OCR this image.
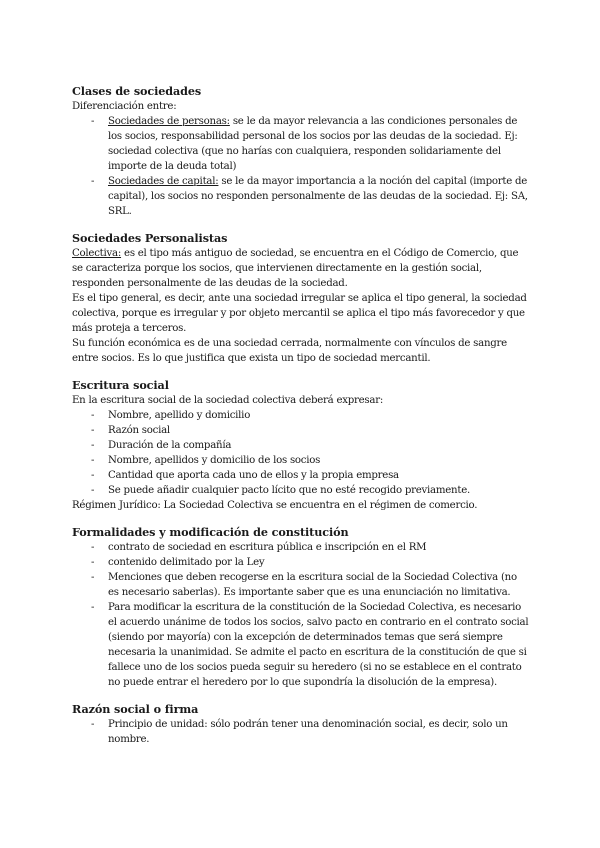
Clases de sociedades

Diferenciación entre:

- Sociedades de personas: se le da mayor relevancia a las condiciones personales de los socios, responsabilidad personal de los socios por las deudas de la sociedad. Ej: sociedad colectiva (que no harías con cualquiera, responden solidariamente del importe de la deuda total)
- Sociedades de capital: se le da mayor importancia a la noción del capital (importe de capital), los socios no responden personalmente de las deudas de la sociedad. Ej: SA, SRL.
Sociedades Personalistas

Colectiva: es el tipo más antiguo de sociedad, se encuentra en el Código de Comercio, que se caracteriza porque los socios, que intervienen directamente en la gestión social, responden personalmente de las deudas de la sociedad.

Es el tipo general, es decir, ante una sociedad irregular se aplica el tipo general, la sociedad colectiva, porque es irregular y por objeto mercantil se aplica el tipo más favorecedor y que más proteja a terceros.

Su función económica es de una sociedad cerrada, normalmente con vínculos de sangre entre socios. Es lo que justifica que exista un tipo de sociedad mercantil.

Escritura social

En la escritura social de la sociedad colectiva deberá expresar:

- Nombre, apellido y domicilio
- Razón social
- Duración de la compañía
- Nombre, apellidos y domicilio de los socios
- Cantidad que aporta cada uno de ellos y la propia empresa
- Se puede añadir cualquier pacto lícito que no esté recogido previamente.

Régimen Jurídico: La Sociedad Colectiva se encuentra en el régimen de comercio.

Formalidades y modificación de constitución
- contrato de sociedad en escritura pública e inscripción en el RM
- contenido delimitado por la Ley
- Menciones que deben recogerse en la escritura social de la Sociedad Colectiva (no es necesario saberlas). Es importante saber que es una enunciación no limitativa.
- Para modificar la escritura de la constitución de la Sociedad Colectiva, es necesario el acuerdo unánime de todos los socios, salvo pacto en contrario en el contrato social (siendo por mayoría) con la excepción de determinados temas que será siempre necesaria la unanimidad. Se admite el pacto en escritura de la constitución de que si fallece uno de los socios pueda seguir su heredero (si no se establece en el contrato no puede entrar el heredero por lo que supondría la disolución de la empresa).
Razón social o firma
- Principio de unidad: sólo podrán tener una denominación social, es decir, solo un nombre.
